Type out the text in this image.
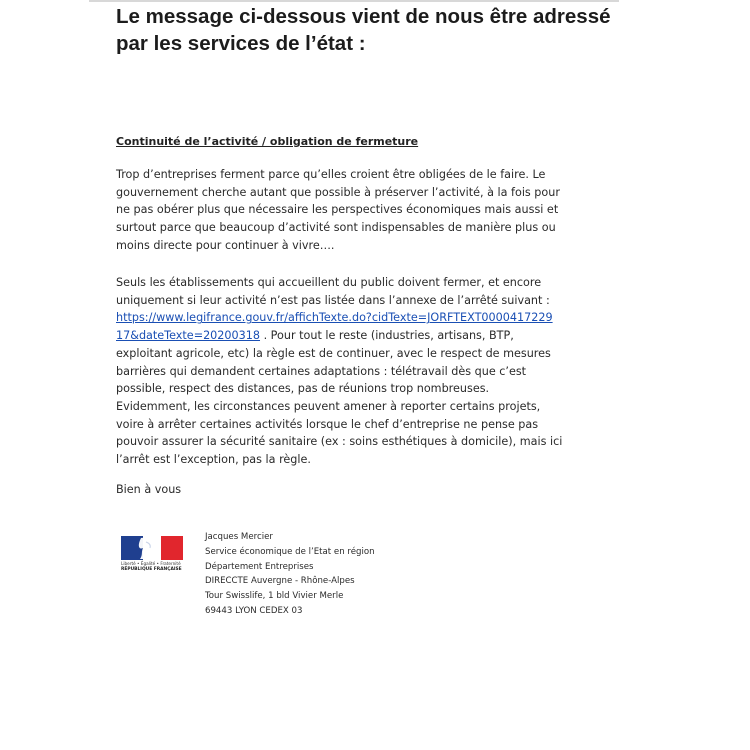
Le message ci-dessous vient de nous être adressé
par les services de l’état :

Continuité de l’activité / obligation de fermeture

Trop d’entreprises ferment parce qu’elles croient être obligées de le faire. Le
gouvernement cherche autant que possible à préserver l’activité, à la fois pour
ne pas obérer plus que nécessaire les perspectives économiques mais aussi et
surtout parce que beaucoup d’activité sont indispensables de manière plus ou
moins directe pour continuer à vivre….

Seuls les établissements qui accueillent du public doivent fermer, et encore
uniquement si leur activité n’est pas listée dans l’annexe de l’arrêté suivant :
https://www.legifrance.gouv.fr/affichTexte.do?cidTexte=JORFTEXT0000417229
17&dateTexte=20200318 . Pour tout le reste (industries, artisans, BTP,
exploitant agricole, etc) la règle est de continuer, avec le respect de mesures
barrières qui demandent certaines adaptations : télétravail dès que c’est
possible, respect des distances, pas de réunions trop nombreuses.
Evidemment, les circonstances peuvent amener à reporter certains projets,
voire à arrêter certaines activités lorsque le chef d’entreprise ne pense pas
pouvoir assurer la sécurité sanitaire (ex : soins esthétiques à domicile), mais ici
l’arrêt est l’exception, pas la règle.

Bien à vous

Liberté • Égalité • Fraternité

RÉPUBLIQUE FRANÇAISE

Jacques Mercier
Service économique de l’Etat en région
Département Entreprises
DIRECCTE Auvergne - Rhône-Alpes
Tour Swisslife, 1 bld Vivier Merle
69443 LYON CEDEX 03
